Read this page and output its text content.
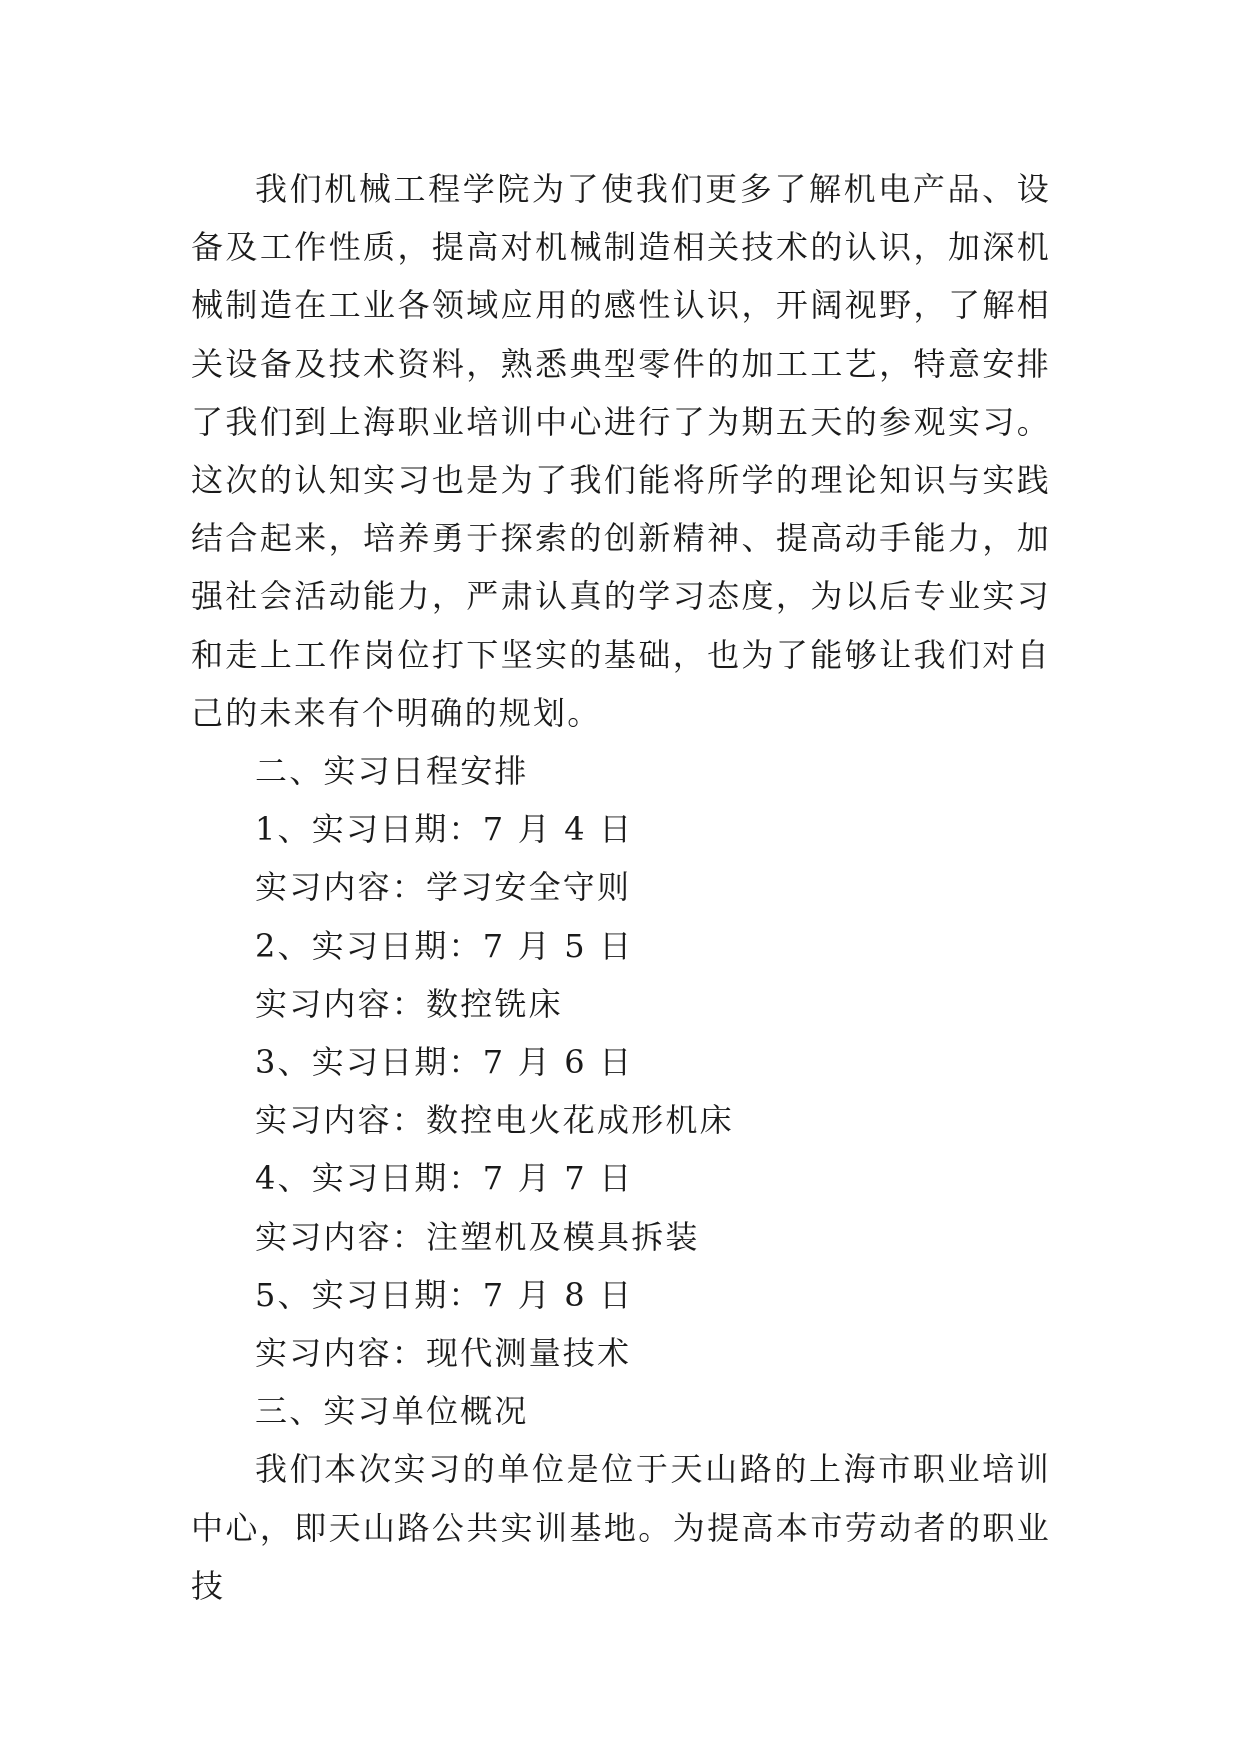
我们机械工程学院为了使我们更多了解机电产品、设备及工作性质，提高对机械制造相关技术的认识，加深机械制造在工业各领域应用的感性认识，开阔视野，了解相关设备及技术资料，熟悉典型零件的加工工艺，特意安排了我们到上海职业培训中心进行了为期五天的参观实习。这次的认知实习也是为了我们能将所学的理论知识与实践结合起来，培养勇于探索的创新精神、提高动手能力，加强社会活动能力，严肃认真的学习态度，为以后专业实习和走上工作岗位打下坚实的基础，也为了能够让我们对自己的未来有个明确的规划。

二、实习日程安排

1、实习日期：7 月 4 日

实习内容：学习安全守则

2、实习日期：7 月 5 日

实习内容：数控铣床

3、实习日期：7 月 6 日

实习内容：数控电火花成形机床

4、实习日期：7 月 7 日

实习内容：注塑机及模具拆装

5、实习日期：7 月 8 日

实习内容：现代测量技术

三、实习单位概况

我们本次实习的单位是位于天山路的上海市职业培训中心，即天山路公共实训基地。为提高本市劳动者的职业技
